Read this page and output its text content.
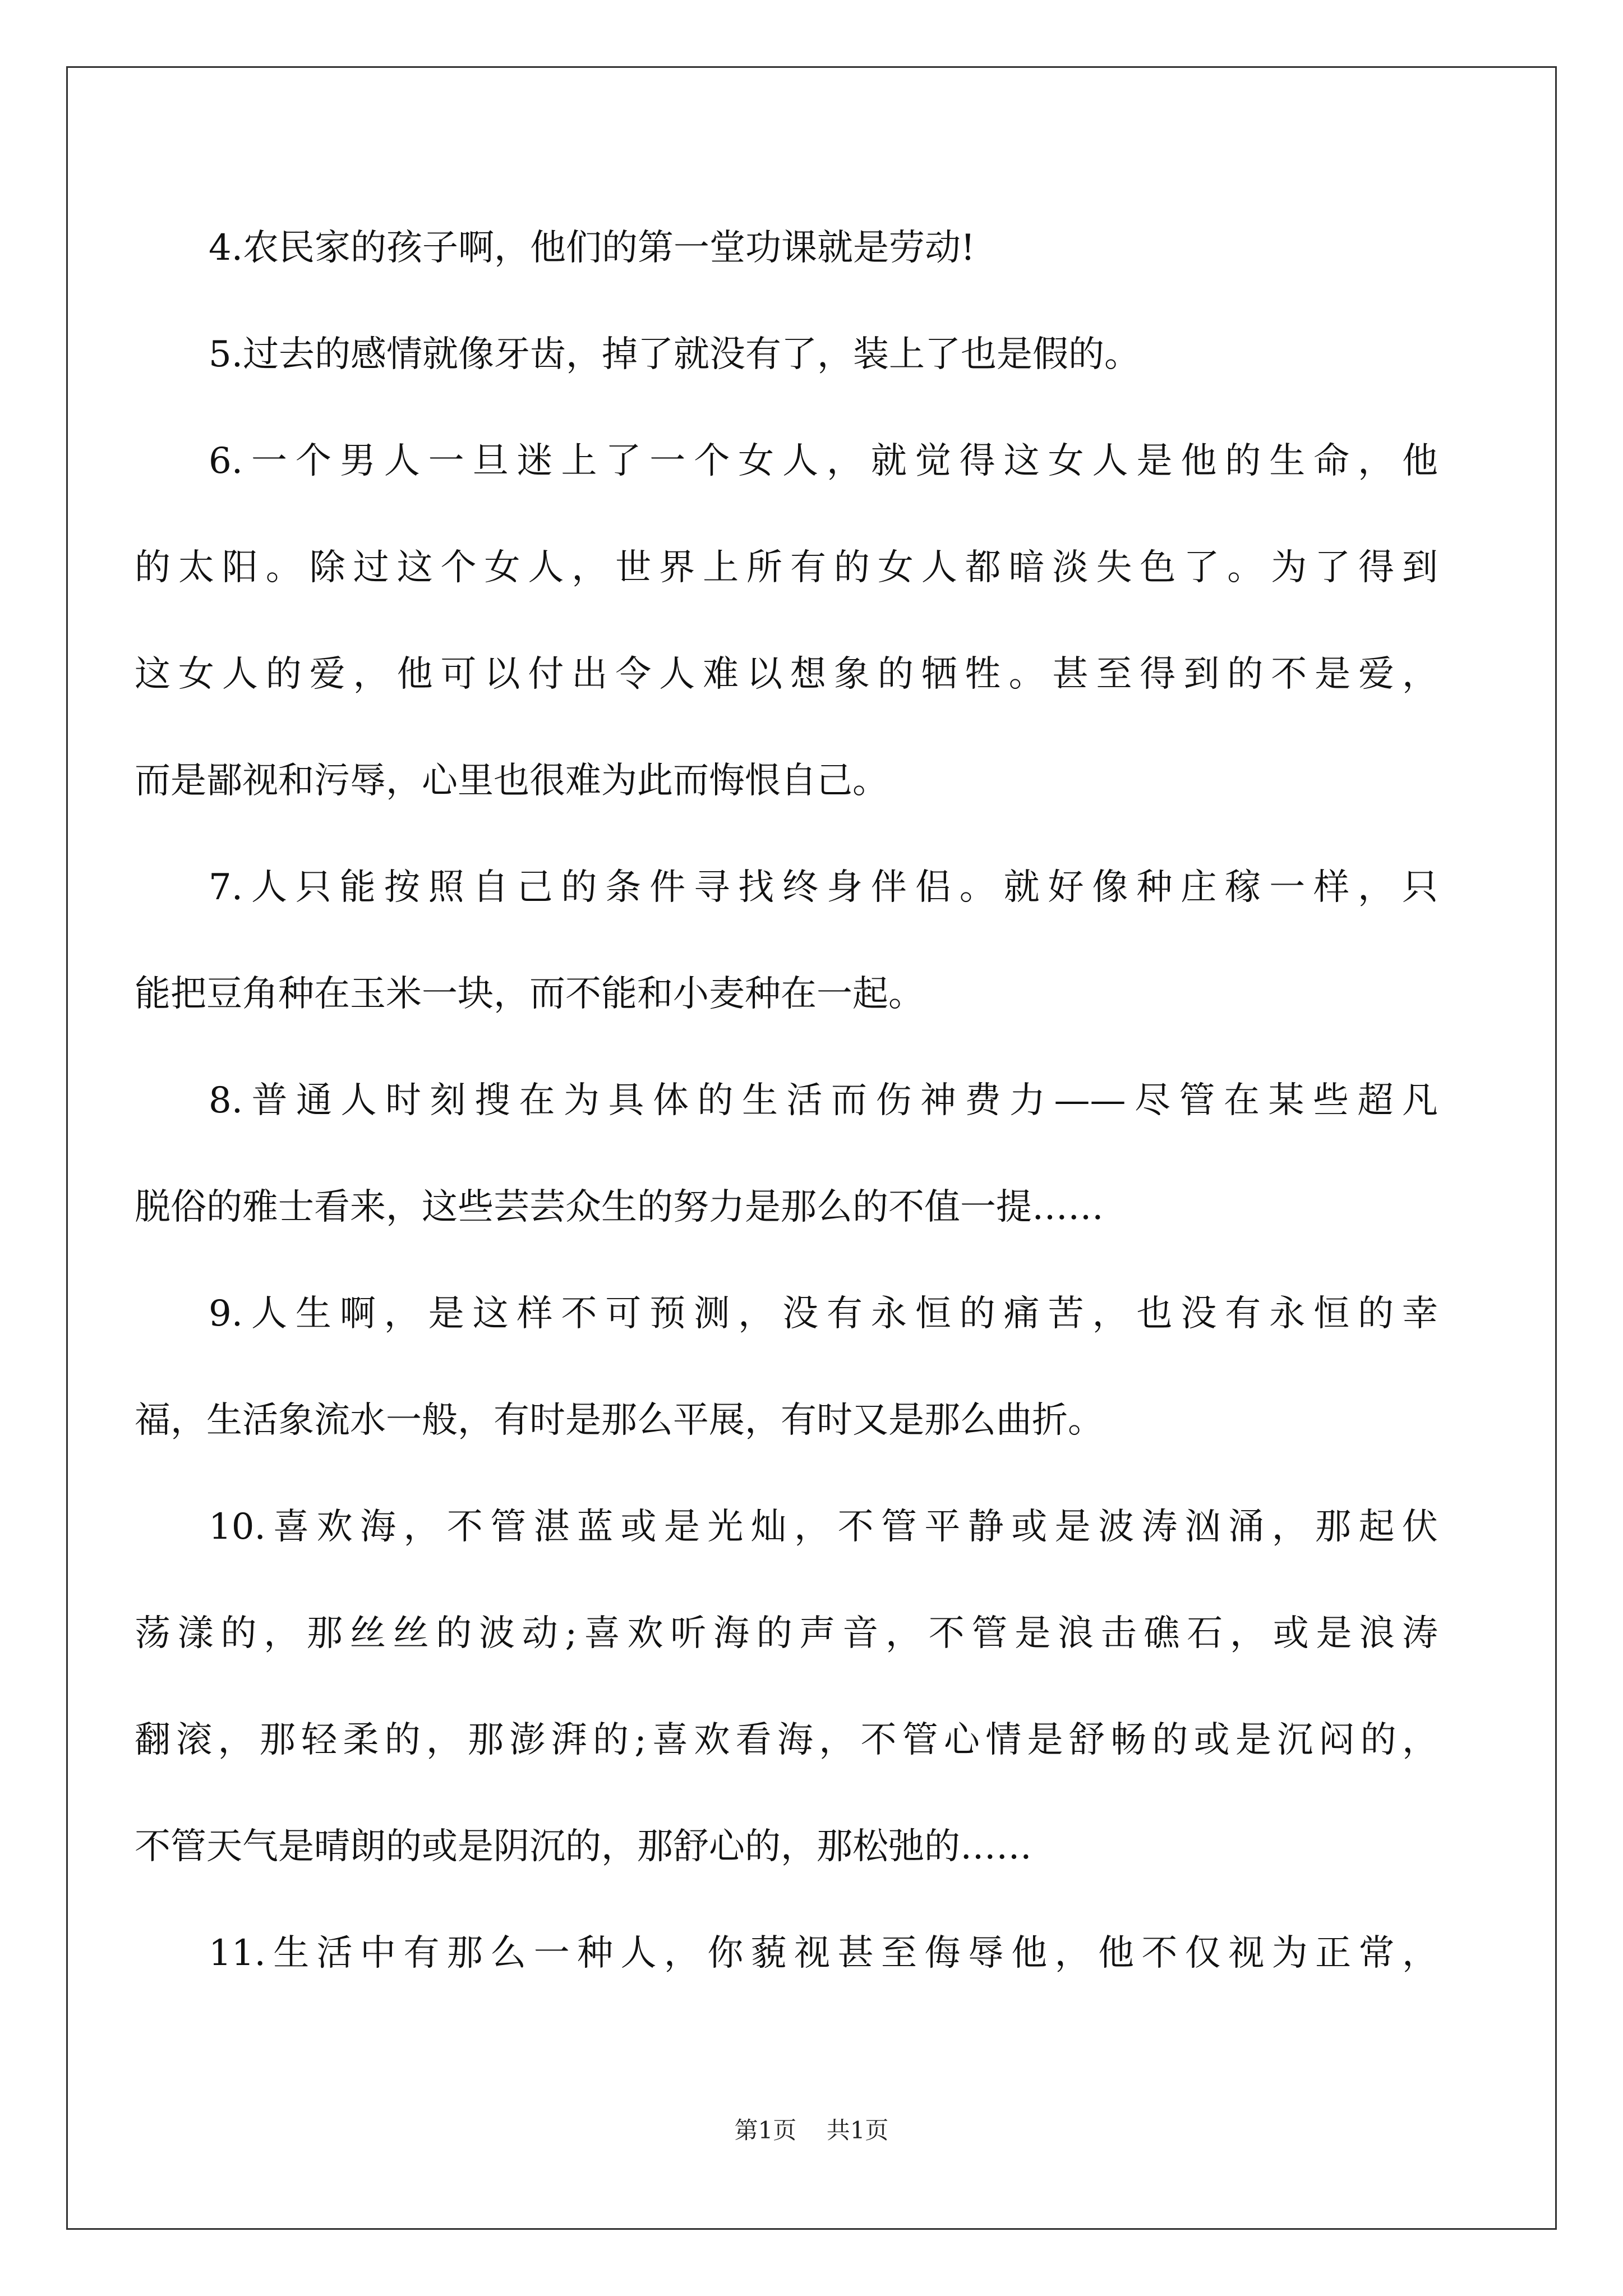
4.农民家的孩子啊，他们的第一堂功课就是劳动!
5.过去的感情就像牙齿，掉了就没有了，装上了也是假的。
6.一个男人一旦迷上了一个女人，就觉得这女人是他的生命，他
的太阳。除过这个女人，世界上所有的女人都暗淡失色了。为了得到
这女人的爱，他可以付出令人难以想象的牺牲。甚至得到的不是爱，
而是鄙视和污辱，心里也很难为此而悔恨自己。
7.人只能按照自己的条件寻找终身伴侣。就好像种庄稼一样，只
能把豆角种在玉米一块，而不能和小麦种在一起。
8.普通人时刻搜在为具体的生活而伤神费力——尽管在某些超凡
脱俗的雅士看来，这些芸芸众生的努力是那么的不值一提……
9.人生啊，是这样不可预测，没有永恒的痛苦，也没有永恒的幸
福，生活象流水一般，有时是那么平展，有时又是那么曲折。
10.喜欢海，不管湛蓝或是光灿，不管平静或是波涛汹涌，那起伏
荡漾的，那丝丝的波动;喜欢听海的声音，不管是浪击礁石，或是浪涛
翻滚，那轻柔的，那澎湃的;喜欢看海，不管心情是舒畅的或是沉闷的，
不管天气是晴朗的或是阴沉的，那舒心的，那松弛的……
11.生活中有那么一种人，你藐视甚至侮辱他，他不仅视为正常，
第1页 共1页
